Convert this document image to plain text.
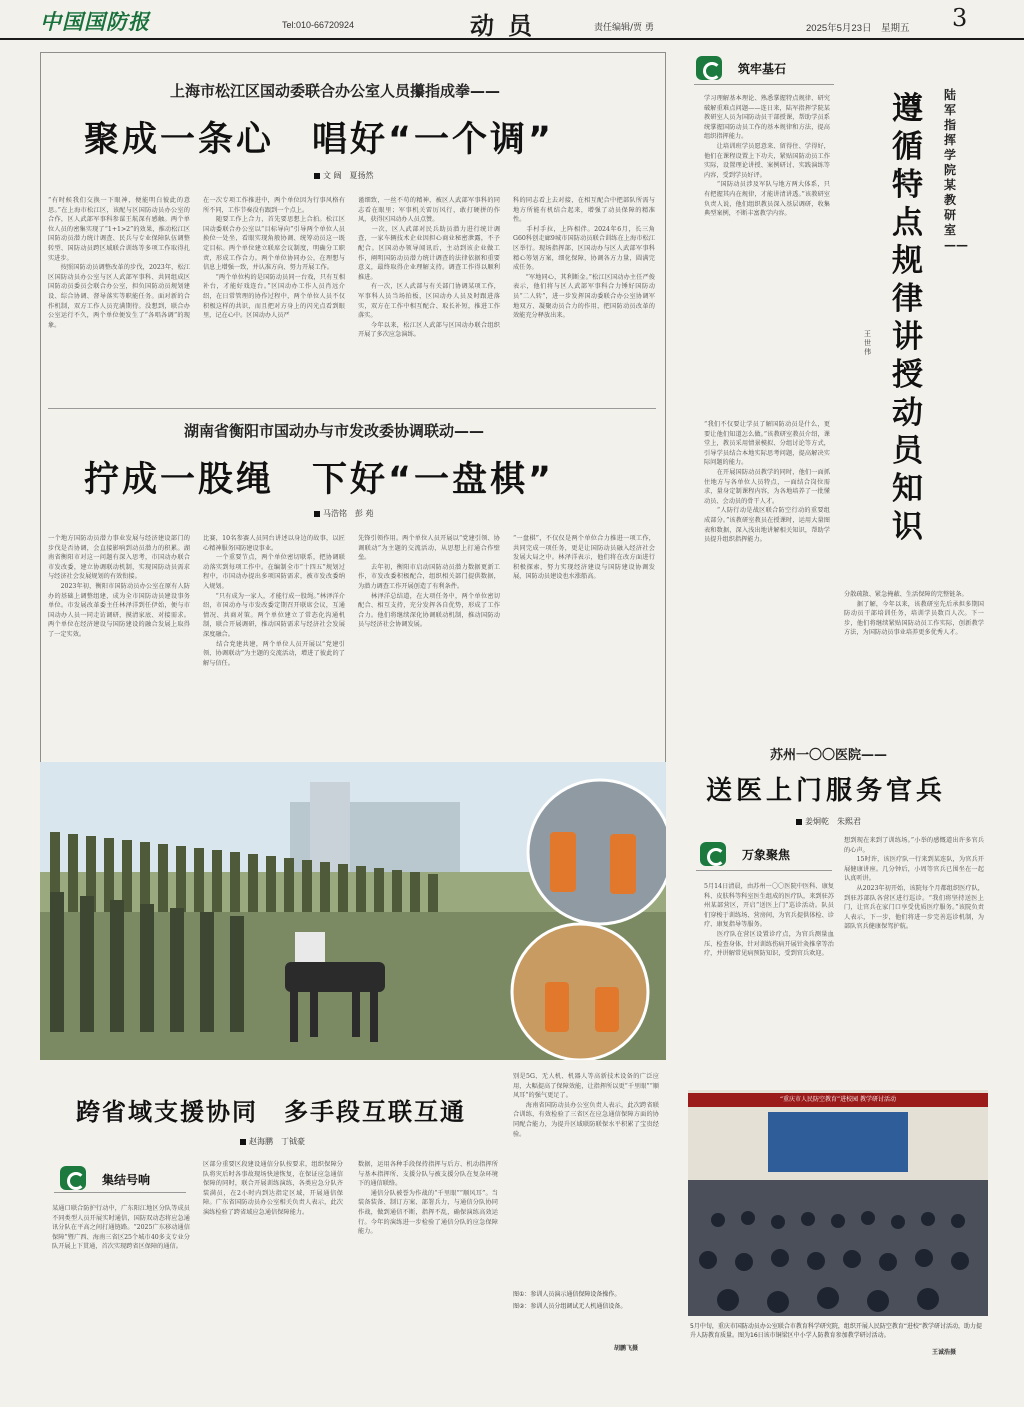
中国国防报	Tel:010-66720924	动员	责任编辑/贾 勇	2025年5月23日　星期五 3
上海市松江区国动委联合办公室人员攥指成拳——
聚成一条心　唱好“一个调”
文 阔　夏扬然
“有时候我们交换一下眼神，便能明白彼此的意思。”在上海市松江区，该配与区国防动员办公室的合作，区人武部军事科参谋王航深有感触。两个单位人员的密集实现了“1+1>2”的效果，推动松江区国防动员潜力统计调查、民兵与专业保障队伍调整转型、国防动员跨区域联合训练等多项工作取得扎实进步。
　　按照国防动员调整改革的步伐，2023年，松江区国防动员办公室与区人武部军事科、共同组成区国防动员委员会联合办公室，担负国防动员规划建设、综合协调、督导落实等职能任务。面对新的合作机制，双方工作人员充满期待。没想到，联合办公室运行不久，两个单位便发生了“各唱各调”的现象。
在一次专项工作推进中，两个单位因为行事风格有所不同，工作节奏没有跟到一个点上。
　　随要工作上合力，首先要思想上合拍。松江区国动委联合办公室以“目标导向”引导两个单位人员换位一处坐，看眼实现角般协调、统筹动员这一既定目标。两个单位建立联席会议制度，明确分工职责，形成工作合力。两个单位协同办公，在理想与信息上增强一致，并认准方向、努力开展工作。
　　“两个单位构的是国防动员同一台戏，只有互相补台，才能好戏连台。”区国动办工作人员肖远介绍，在日常管理的协作过程中，两个单位人员不仅积极这样的共识，而且把对方身上的闪光点看到眼里，记在心中。区国动办人员严
谨细致，一丝不苟的精神，被区人武部军事科的同志看在眼里；军事机关雷厉风行，敢打硬拼的作风，获得区国动办人员点赞。
　　一次，区人武部对民兵助员潜力进行统计调查，一家车辆技术企业因担心商业秘密泄露，不予配合。区国动办领导闻讯后，主动到该企业做工作，阐明国防动员潜力统计调查的法律依据和重要意义，最终取得企业理解支持。调查工作得以顺利推进。
　　有一次，区人武部与有关部门协调某项工作，军事科人员当场拍板，区国动办人员及时跟进落实，双方在工作中相互配合、取长补短，推进工作落实。
　　今年以来，松江区人武部与区国动办联合组织开展了多次应急演练。
科的同志看上去对接，在相互配合中把部队所需与地方所能有机结合起来，增强了动员保障的精准性。
　　手村手拉，上阵相伴。2024年6月，长三角G60科创走廊9城市国防动员联合训练在上海市松江区举行。现场指挥部，区国动办与区人武部军事科精心筹划方案，细化保障，协调各方力量，圆满完成任务。
　　“军地同心，其利断金。”松江区国动办主任严俊表示，他们将与区人武部军事科合力锤好国防动员“二人转”，进一步发挥国动委联合办公室协调军地双方、凝聚动员合力的作用，把国防动员改革的效能充分释放出来。
湖南省衡阳市国动办与市发改委协调联动——
拧成一股绳　下好“一盘棋”
马浩铭　彭 苑
一个地方国防动员潜力事业发展与经济建设部门的步伐是否协调，会直接影响到动员潜力的积累。湖南省衡阳市对这一问题有深入思考，市国动办联合市发改委，建立协调联动机制，实现国防动员需求与经济社会发展规划的有效衔接。
　　2023年初，衡阳市国防动员办公室在原有人防办的基础上调整组建，成为全市国防动员建设事务单位。市发展改革委主任林泽洋到任伊始，便与市国动办人员一同走访调研，摸清家底、对接需求。两个单位在经济建设与国防建设的融合发展上取得了一定实效。
比赛，10名参赛人员同台讲述以身边的故事，以匠心精神服务国防建设事业。
　　一个重要节点，两个单位密切联系，把协调联动落实到每项工作中。在编制全市“十四五”规划过程中，市国动办提出多项国防需求，被市发改委纳入规划。
　　“只有成为一家人，才能行成一股绳。”林泽洋介绍，市国动办与市发改委定期召开联席会议，互通情况、共商对策。两个单位建立了常态化沟通机制，联合开展调研，推动国防需求与经济社会发展深度融合。
　　结合党建共建，两个单位人员开展以“党建引领、协调联动”为主题的交流活动，增进了彼此的了解与信任。
先锋引领作用。两个单位人员开展以“党建引领、协调联动”为主题的交流活动，从思想上打通合作壁垒。
　　去年初，衡阳市启动国防动员潜力数据更新工作，市发改委积极配合，组织相关部门提供数据，为潜力调查工作开展创造了有利条件。
　　林泽洋总结道，在大项任务中，两个单位密切配合、相互支持，充分发挥各自优势，形成了工作合力。他们将继续深化协调联动机制，推动国防动员与经济社会协调发展。
“一盘棋”，不仅仅是两个单位合力推进一项工作，共同完成一项任务，更是让国防动员融入经济社会发展大局之中。林泽洋表示，他们将在改方面进行积极探索，努力实现经济建设与国防建设协调发展，国防动员建设也水涨船高。
跨省域支援协同　多手段互联互通
赵海鹏　丁钺豪
集结号响
某通口联合防护行动中，广东阳江地区分队等成员不同类型人员开展实时通信，国防双动态将应急通讯分队在平高之间打通链路。“2025广东移动通信保障”暨广西、海南三省区25个城市40多支专业分队开展上下贯通，首次实现跨省区保障的通信。
区部分重要区段建设通信分队按要求，组织保障分队将灾后时各事故现场快速恢复，在保证应急通信保障的同时，联合开展训练演练，各类应急分队齐装满员，在2小时内到达指定区域，开展通信保障。广东省国防动员办公室相关负责人表示，此次演练检验了跨省域应急通信保障能力。
数据，运用各种手段保持指挥与后方、机动指挥所与基本指挥所、支援分队与被支援分队在复杂环境下的通信联络。
　　通信分队被誉为作战的“千里眼”“顺风耳”。当装备装备、制订方案、部署兵力，与通信分队协同作战，做到通信不断，指挥不乱，确保演练高效运行。今年的演练进一步检验了通信分队的应急保障能力。
别是5G、无人机、机器人等高新技术设备的广泛应用，大幅提高了保障效能，让指挥所以更“千里眼”“顺风耳”的强气更足了。
　　海南省国防动员办公室负责人表示，此次跨省联合训练，有效检验了三省区在应急通信保障方面的协同配合能力，为提升区域联防联保水平积累了宝贵经验。
图①：参训人员演示通信保障设备操作。
图②：参训人员分组调试无人机通信设备。
胡鹏飞摄
筑牢基石
遵循特点规律　讲授动员知识
陆军指挥学院某教研室——
王世伟
学习理解基本理论、熟悉掌握特点规律、研究破解重难点问题——连日来，陆军指挥学院某教研室人员为国防动员干部授课，帮助学员系统掌握国防动员工作的基本规律和方法，提高组织指挥能力。
　　让培训班学员愿意来、留得住、学得好，他们在课程设置上下功夫，紧贴国防动员工作实际，设置理论讲授、案例研讨、实践演练等内容，受到学员好评。
　　“国防动员涉及军队与地方两大体系，只有把握其内在规律，才能讲清讲透。”该教研室负责人说，他们组织教员深入基层调研，收集典型案例，不断丰富教学内容。
“我们不仅要让学员了解国防动员是什么，更要让他们知道怎么做。”该教研室教员介绍，课堂上，教员采用情景模拟、分组讨论等方式，引导学员结合本地实际思考问题，提高解决实际问题的能力。
　　在开展国防动员教学的同时，他们一面抓住地方与各单位人员特点，一面结合岗位需求，量身定制课程内容，为各地培养了一批懂动员、会动员的骨干人才。
　　“人防行动是战区联合防空行动的重要组成部分。”该教研室教员在授课时，运用大量图表和数据，深入浅出地讲解相关知识，帮助学员提升组织指挥能力。
分散疏散、紧急掩蔽、生活保障的完整链条。
　　据了解，今年以来，该教研室先后承担多期国防动员干部培训任务，培训学员数百人次。下一步，他们将继续紧贴国防动员工作实际，创新教学方法，为国防动员事业培养更多优秀人才。
苏州一〇〇医院——
送医上门服务官兵
姜炯乾　朱熙君
万象聚焦
5月14日清晨，由苏州一〇〇医院中医科、康复科、皮肤科等科室医生组成的医疗队，来到驻苏州某部营区，开启“送医上门”巡诊活动。队员们穿梭于训练场、营房间，为官兵提供体检、诊疗、康复指导等服务。
　　医疗队在营区设置诊疗点，为官兵测量血压、检查身体，针对训练伤病开展针灸推拿等治疗，并讲解常见病预防知识，受到官兵欢迎。
想到现在来到了训练场。”小举的感慨道出许多官兵的心声。
　　15时许，该医疗队一行来到某连队，为官兵开展健康讲座。几分钟后，小周等官兵已围坐在一起认真听讲。
　　从2023年初开始，该院每个月都组织医疗队，到驻苏部队各营区进行巡诊。“我们将坚持送医上门，让官兵在家门口享受优质医疗服务。”该院负责人表示，下一步，他们将进一步完善巡诊机制，为部队官兵健康保驾护航。
“重庆市人民防空教育”进校园 教学研讨活动
5月中旬，重庆市国防动员办公室联合市教育科学研究院，组织开展人民防空教育“进校”教学研讨活动，助力提升人防教育质量。图为16日该市铜梁区中小学人防教育参加教学研讨活动。
王诚浩摄
